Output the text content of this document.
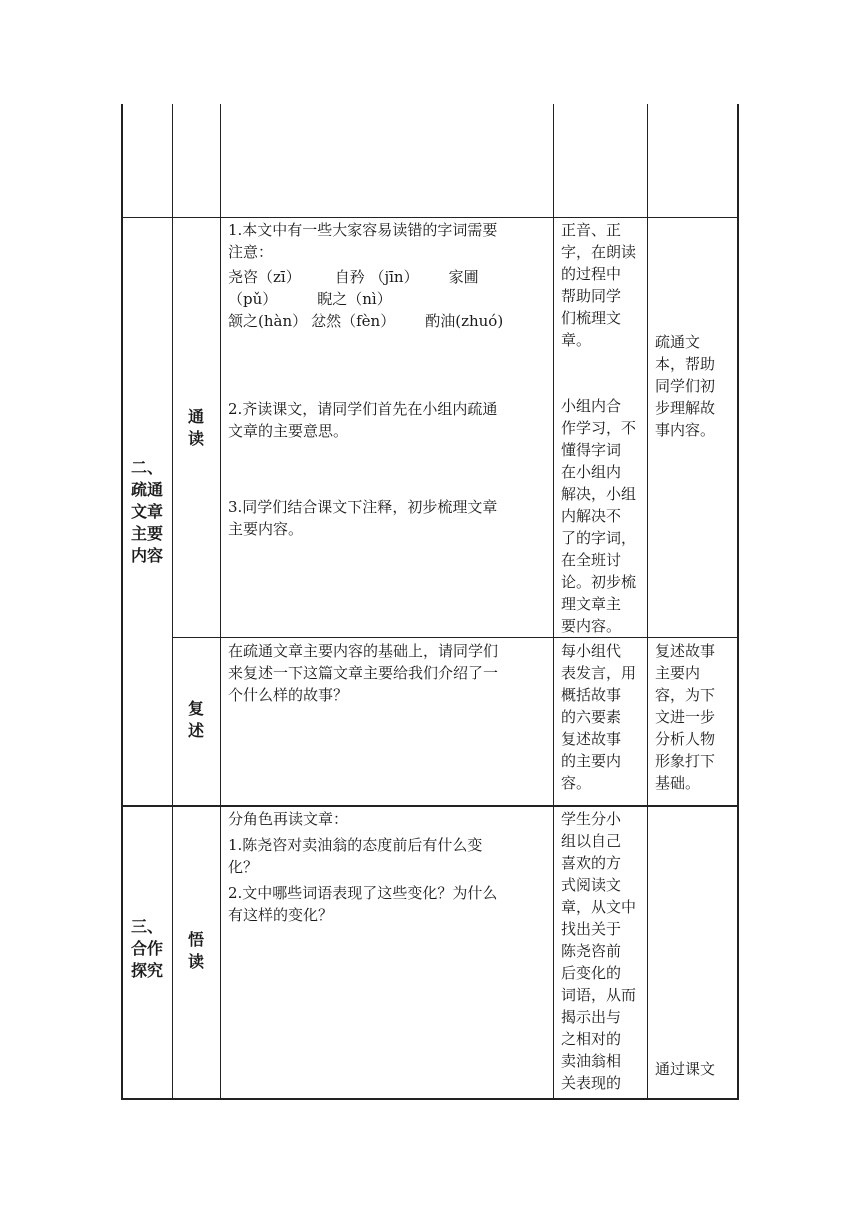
二、
疏通
文章
主要
内容
通
读
1.本文中有一些大家容易读错的字词需要
注意：
尧咨（zī） 自矜 （jīn） 家圃
（pǔ）	睨之（nì）
颔之(hàn） 忿然（fèn） 酌油(zhuó)
2.齐读课文，请同学们首先在小组内疏通
文章的主要意思。
3.同学们结合课文下注释，初步梳理文章
主要内容。
正音、正
字，在朗读
的过程中
帮助同学
们梳理文
章。
小组内合
作学习，不
懂得字词
在小组内
解决，小组
内解决不
了的字词，
在全班讨
论。初步梳
理文章主
要内容。
疏通文
本，帮助
同学们初
步理解故
事内容。
复
述
在疏通文章主要内容的基础上，请同学们
来复述一下这篇文章主要给我们介绍了一
个什么样的故事？
每小组代
表发言，用
概括故事
的六要素
复述故事
的主要内
容。
复述故事
主要内
容，为下
文进一步
分析人物
形象打下
基础。
三、
合作
探究
悟
读
分角色再读文章：
1.陈尧咨对卖油翁的态度前后有什么变
化？
2.文中哪些词语表现了这些变化？为什么
有这样的变化？
学生分小
组以自己
喜欢的方
式阅读文
章，从文中
找出关于
陈尧咨前
后变化的
词语，从而
揭示出与
之相对的
卖油翁相
关表现的
通过课文
